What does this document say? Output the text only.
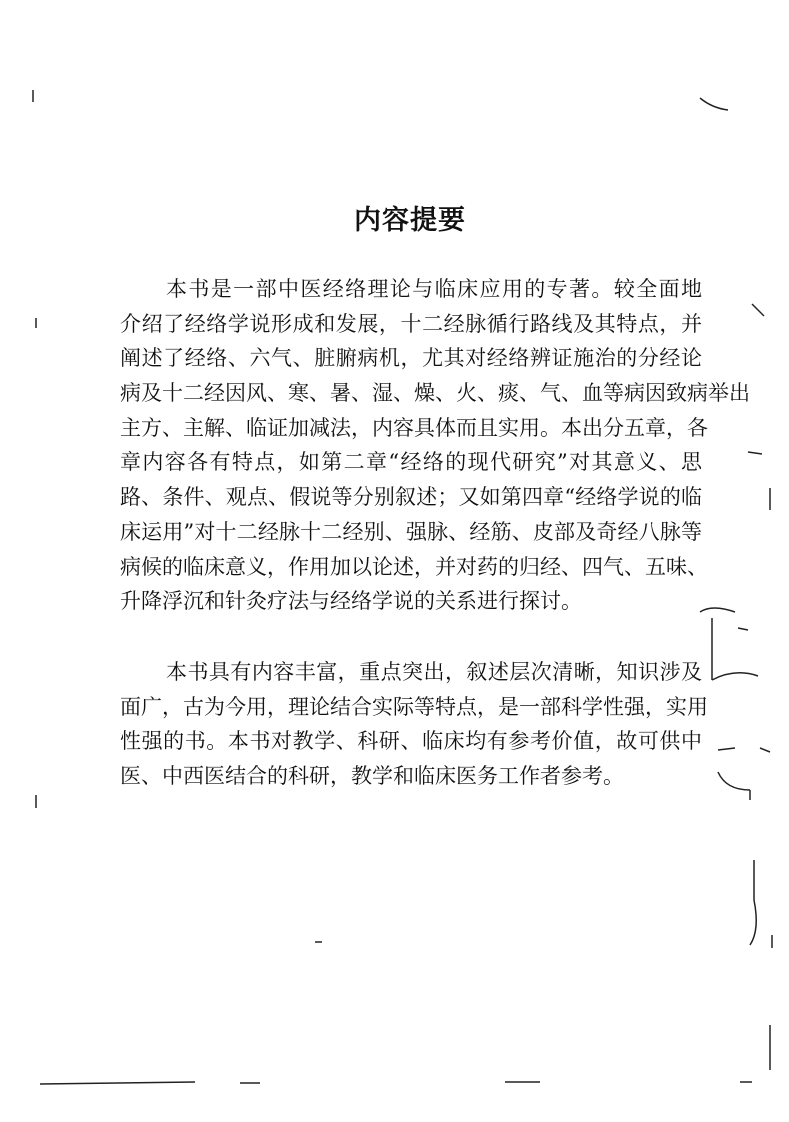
内容提要
本书是一部中医经络理论与临床应用的专著。较全面地
介绍了经络学说形成和发展，十二经脉循行路线及其特点，并
阐述了经络、六气、脏腑病机，尤其对经络辨证施治的分经论
病及十二经因风、寒、暑、湿、燥、火、痰、气、血等病因致病举出
主方、主解、临证加减法，内容具体而且实用。本出分五章，各
章内容各有特点，如第二章“经络的现代研究”对其意义、思
路、条件、观点、假说等分别叙述；又如第四章“经络学说的临
床运用”对十二经脉十二经别、强脉、经筋、皮部及奇经八脉等
病候的临床意义，作用加以论述，并对药的归经、四气、五味、
升降浮沉和针灸疗法与经络学说的关系进行探讨。
本书具有内容丰富，重点突出，叙述层次清晰，知识涉及
面广，古为今用，理论结合实际等特点，是一部科学性强，实用
性强的书。本书对教学、科研、临床均有参考价值，故可供中
医、中西医结合的科研，教学和临床医务工作者参考。
